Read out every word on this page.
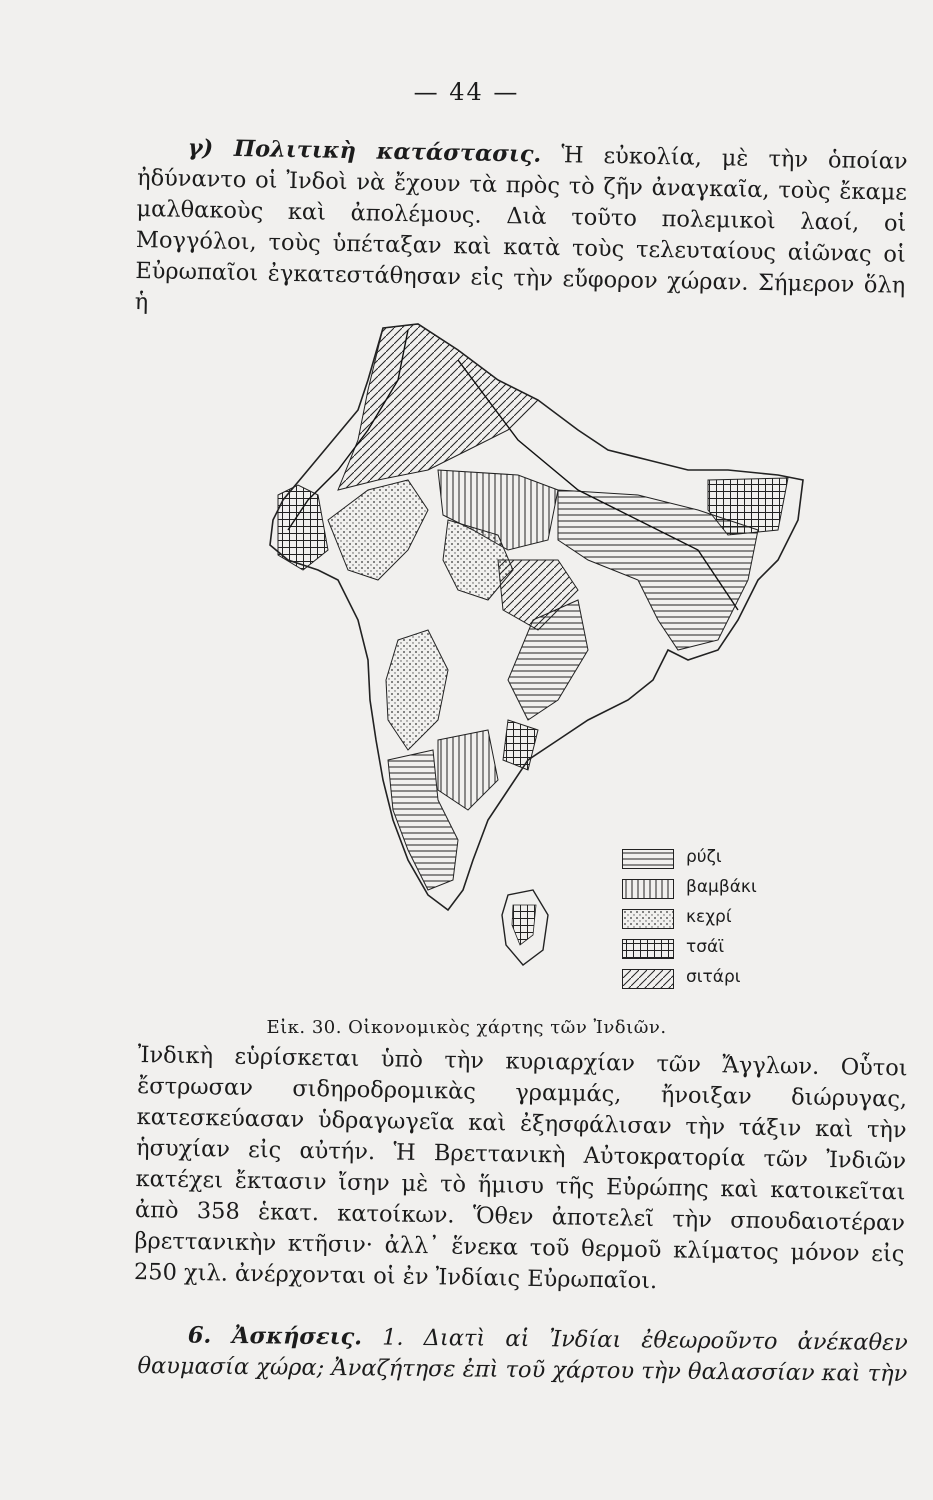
— 44 —

γ) Πολιτικὴ κατάστασις. Ἡ εὐκολία, μὲ τὴν ὁποίαν ἠδύναντο οἱ Ἰνδοὶ νὰ ἔχουν τὰ πρὸς τὸ ζῆν ἀναγκαῖα, τοὺς ἔκαμε μαλθακοὺς καὶ ἀπολέμους. Διὰ τοῦτο πολεμικοὶ λαοί, οἱ Μογγόλοι, τοὺς ὑπέταξαν καὶ κατὰ τοὺς τελευταίους αἰῶνας οἱ Εὐρωπαῖοι ἐγκατεστάθησαν εἰς τὴν εὔφορον χώραν. Σήμερον ὅλη ἡ

ρύζι
βαμβάκι
κεχρί
τσάϊ
σιτάρι
Εἰκ. 30. Οἰκονομικὸς χάρτης τῶν Ἰνδιῶν.

Ἰνδικὴ εὑρίσκεται ὑπὸ τὴν κυριαρχίαν τῶν Ἄγγλων. Οὗτοι ἔστρωσαν σιδηροδρομικὰς γραμμάς, ἤνοιξαν διώρυγας, κατεσκεύασαν ὑδραγωγεῖα καὶ ἐξησφάλισαν τὴν τάξιν καὶ τὴν ἡσυχίαν εἰς αὐτήν. Ἡ Βρεττανικὴ Αὐτοκρατορία τῶν Ἰνδιῶν κατέχει ἔκτασιν ἴσην μὲ τὸ ἥμισυ τῆς Εὐρώπης καὶ κατοικεῖται ἀπὸ 358 ἑκατ. κατοίκων. Ὅθεν ἀποτελεῖ τὴν σπουδαιοτέραν βρεττανικὴν κτῆσιν· ἀλλ᾽ ἕνεκα τοῦ θερμοῦ κλίματος μόνον εἰς 250 χιλ. ἀνέρχονται οἱ ἐν Ἰνδίαις Εὐρωπαῖοι.

6. Ἀσκήσεις. 1. Διατὶ αἱ Ἰνδίαι ἐθεωροῦντο ἀνέκαθεν θαυμασία χώρα; Ἀναζήτησε ἐπὶ τοῦ χάρτου τὴν θαλασσίαν καὶ τὴν
